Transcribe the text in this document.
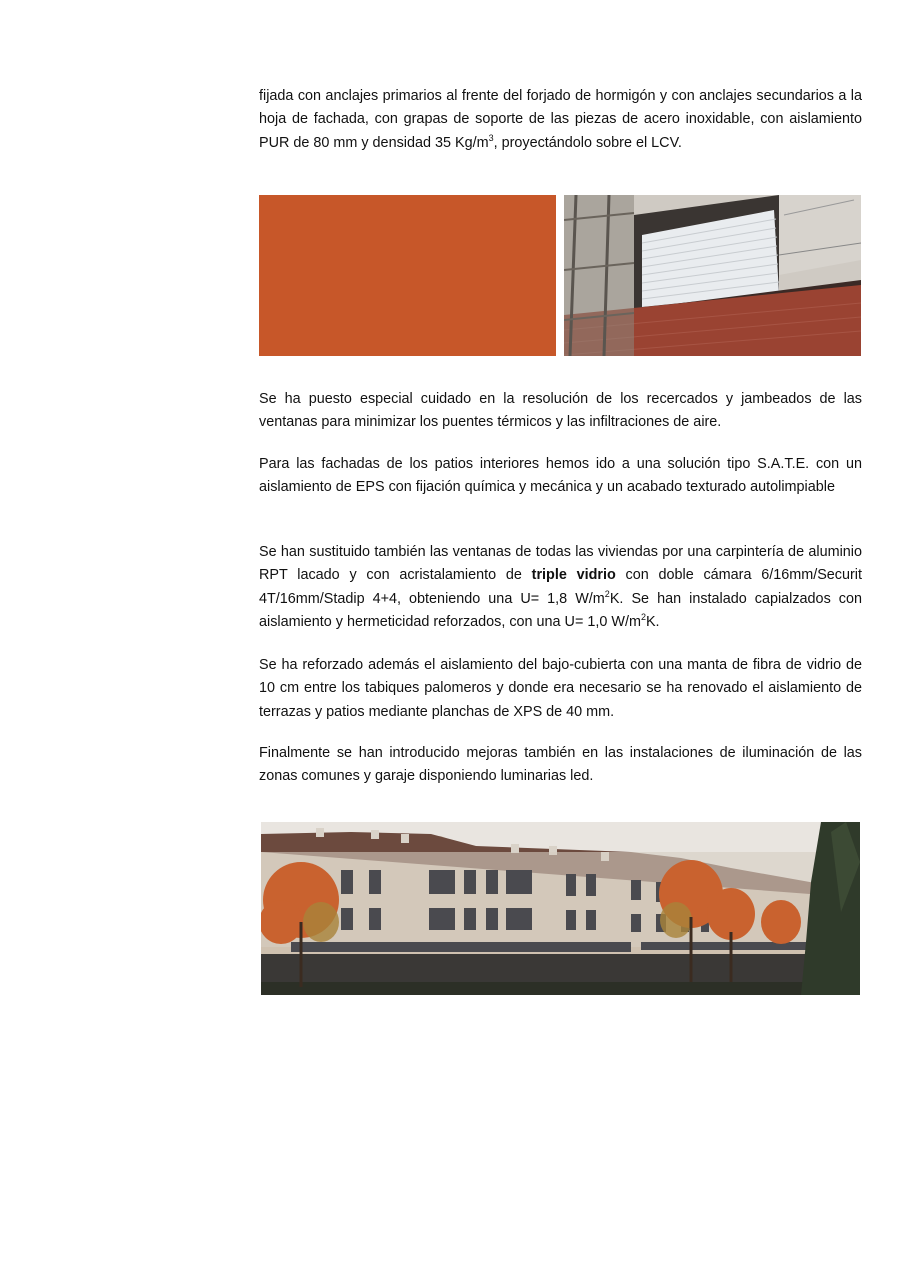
fijada con anclajes primarios al frente del forjado de hormigón y con anclajes secundarios a la hoja de fachada, con grapas de soporte de las piezas de acero inoxidable, con aislamiento PUR de 80 mm y densidad 35 $Kg/m^3$, proyectándolo sobre el LCV.

Se ha puesto especial cuidado en la resolución de los recercados y jambeados de las ventanas para minimizar los puentes térmicos y las infiltraciones de aire.

Para las fachadas de los patios interiores hemos ido a una solución tipo S.A.T.E. con un aislamiento de EPS con fijación química y mecánica y un acabado texturado autolimpiable

Se han sustituido también las ventanas de todas las viviendas por una carpintería de aluminio RPT lacado y con acristalamiento de triple vidrio con doble cámara 6/16mm/Securit 4T/16mm/Stadip 4+4, obteniendo una U= 1,8 $W/m^2K$. Se han instalado capialzados con aislamiento y hermeticidad reforzados, con una U= 1,0 $W/m^2K$.

Se ha reforzado además el aislamiento del bajo-cubierta con una manta de fibra de vidrio de 10 cm entre los tabiques palomeros y donde era necesario se ha renovado el aislamiento de terrazas y patios mediante planchas de XPS de 40 mm.

Finalmente se han introducido mejoras también en las instalaciones de iluminación de las zonas comunes y garaje disponiendo luminarias led.
